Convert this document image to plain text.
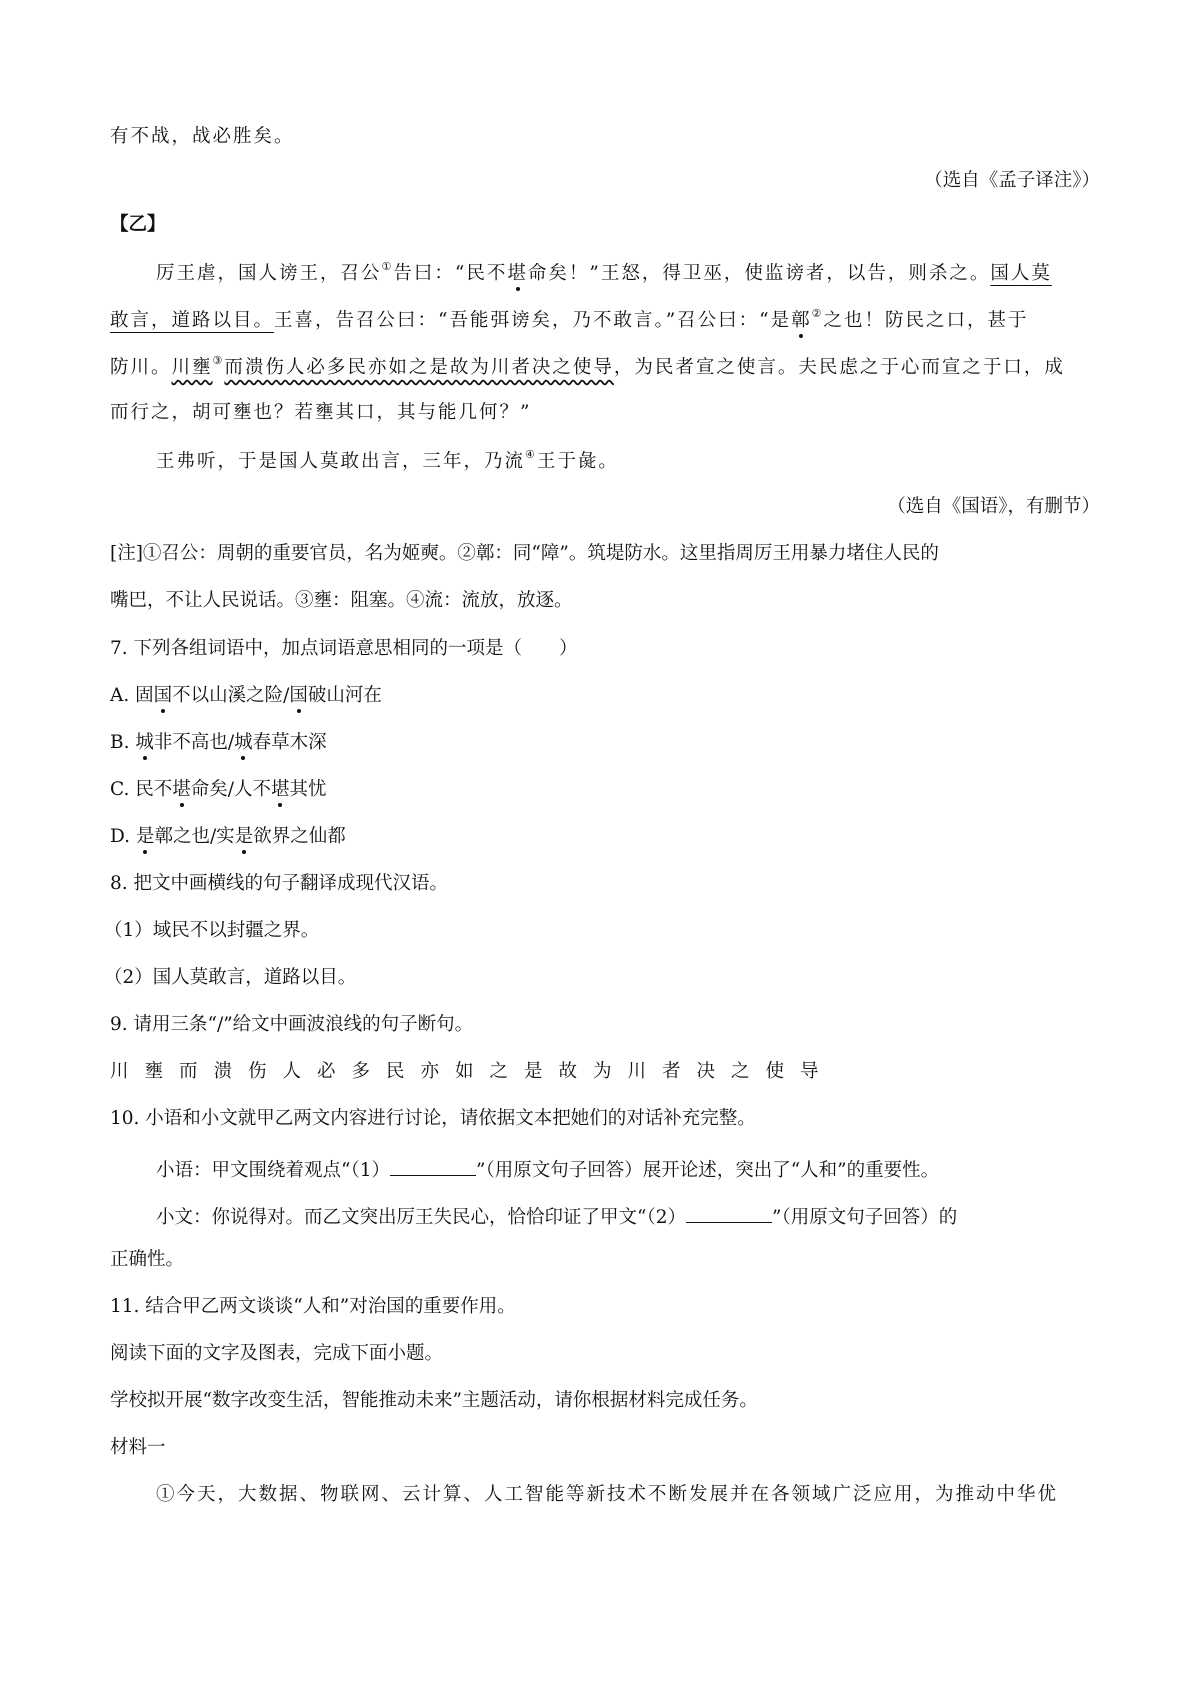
有不战，战必胜矣。
（选自《孟子译注》）
【乙】
厉王虐，国人谤王，召公①告曰：“民不堪命矣！”王怒，得卫巫，使监谤者，以告，则杀之。国人莫
敢言，道路以目。王喜，告召公曰：“吾能弭谤矣，乃不敢言。”召公曰：“是鄣②之也！防民之口，甚于
防川。川壅③而溃伤人必多民亦如之是故为川者决之使导，为民者宣之使言。夫民虑之于心而宣之于口，成
而行之，胡可壅也？若壅其口，其与能几何？”
王弗听，于是国人莫敢出言，三年，乃流④王于彘。
（选自《国语》，有删节）
[注]①召公：周朝的重要官员，名为姬奭。②鄣：同“障”。筑堤防水。这里指周厉王用暴力堵住人民的
嘴巴，不让人民说话。③壅：阻塞。④流：流放，放逐。
7. 下列各组词语中，加点词语意思相同的一项是（　　）
A. 固国不以山溪之险/国破山河在
B. 城非不高也/城春草木深
C. 民不堪命矣/人不堪其忧
D. 是鄣之也/实是欲界之仙都
8. 把文中画横线的句子翻译成现代汉语。
（1）域民不以封疆之界。
（2）国人莫敢言，道路以目。
9. 请用三条“/”给文中画波浪线的句子断句。
川壅而溃伤人必多民亦如之是故为川者决之使导
10. 小语和小文就甲乙两文内容进行讨论，请依据文本把她们的对话补充完整。
小语：甲文围绕着观点“（1）	”（用原文句子回答）展开论述，突出了“人和”的重要性。
小文：你说得对。而乙文突出厉王失民心，恰恰印证了甲文“（2）	”（用原文句子回答）的
正确性。
11. 结合甲乙两文谈谈“人和”对治国的重要作用。
阅读下面的文字及图表，完成下面小题。
学校拟开展“数字改变生活，智能推动未来”主题活动，请你根据材料完成任务。
材料一
①今天，大数据、物联网、云计算、人工智能等新技术不断发展并在各领域广泛应用，为推动中华优
